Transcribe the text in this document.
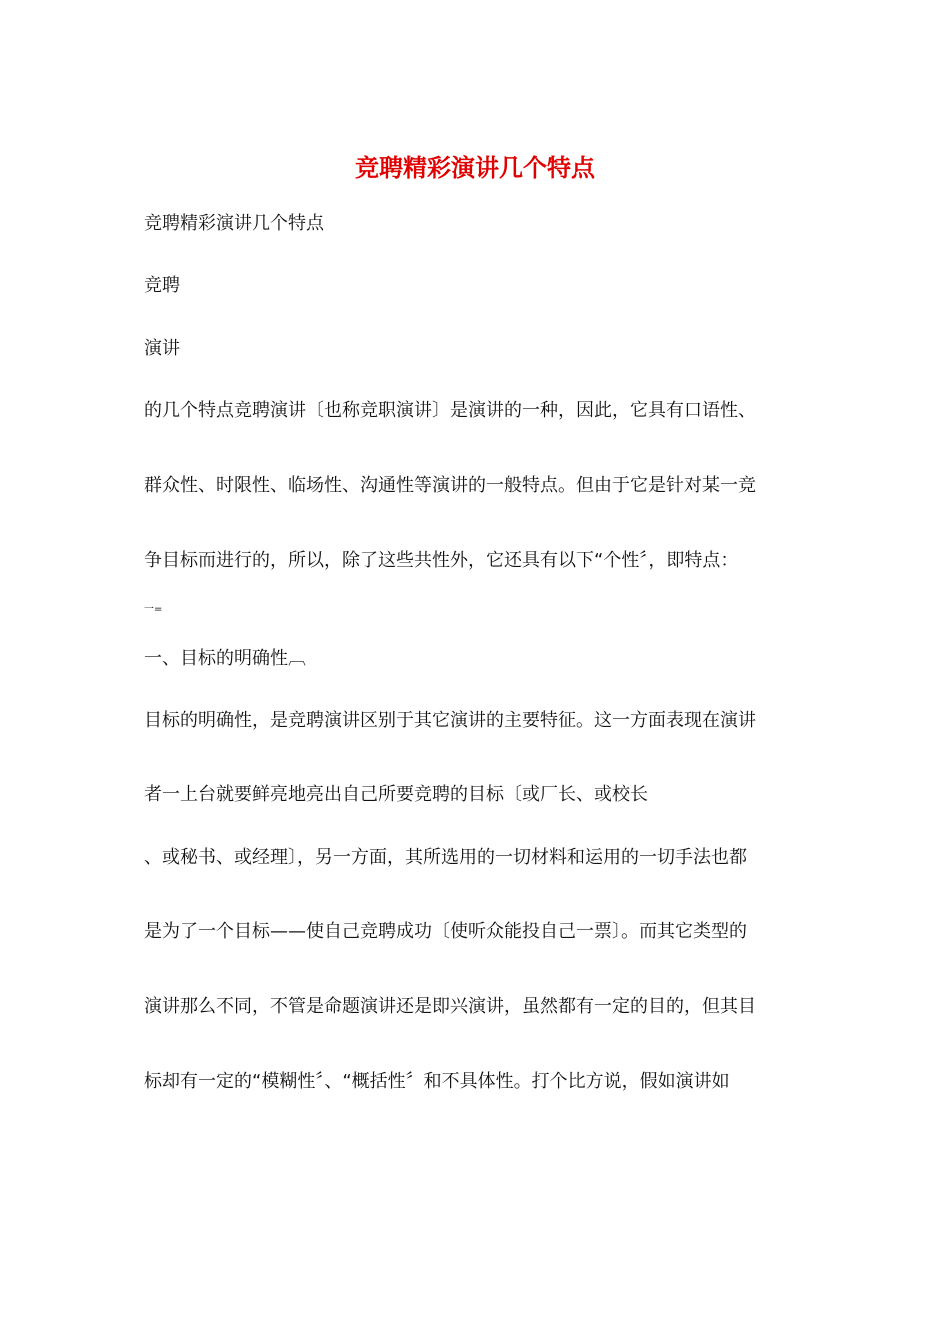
竞聘精彩演讲几个特点
竞聘精彩演讲几个特点
竞聘
演讲
的几个特点竞聘演讲〔也称竞职演讲〕是演讲的一种，因此，它具有口语性、
群众性、时限性、临场性、沟通性等演讲的一般特点。但由于它是针对某一竞
争目标而进行的，所以，除了这些共性外，它还具有以下“个性〞，即特点：
一=
一、目标的明确性︹
目标的明确性，是竞聘演讲区别于其它演讲的主要特征。这一方面表现在演讲
者一上台就要鲜亮地亮出自己所要竞聘的目标〔或厂长、或校长
、或秘书、或经理〕，另一方面，其所选用的一切材料和运用的一切手法也都
是为了一个目标——使自己竞聘成功〔使听众能投自己一票〕。而其它类型的
演讲那么不同，不管是命题演讲还是即兴演讲，虽然都有一定的目的，但其目
标却有一定的“模糊性〞、“概括性〞和不具体性。打个比方说，假如演讲如
